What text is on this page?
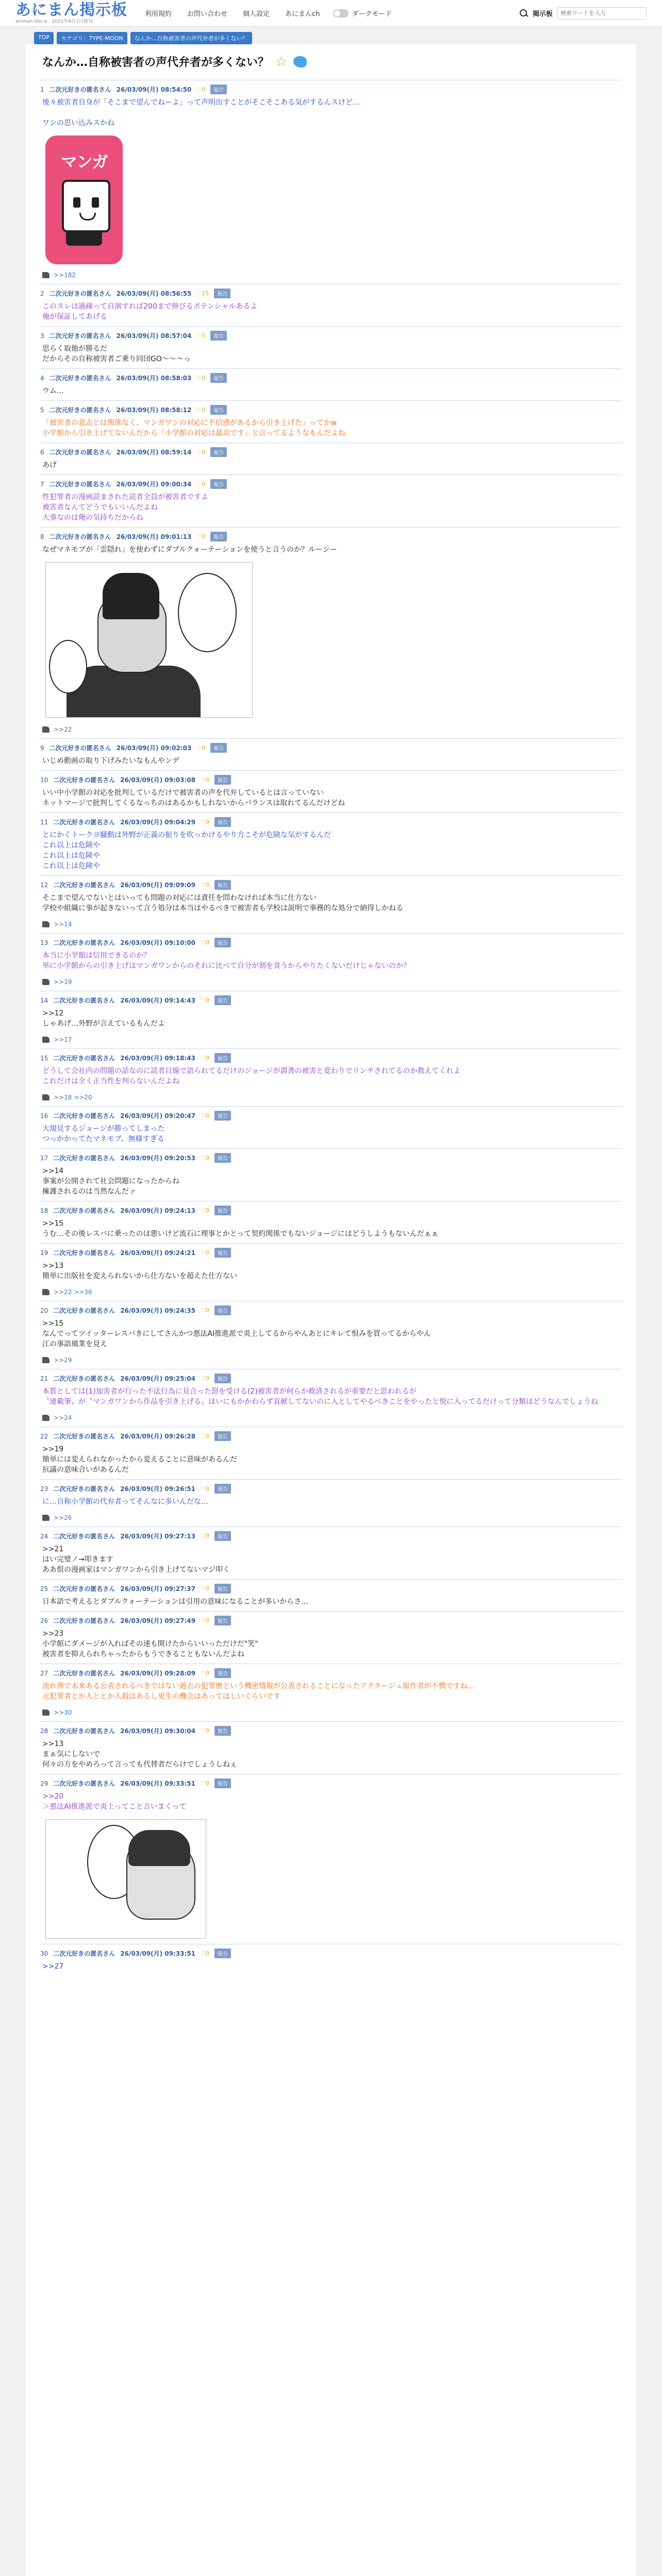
あにまん掲示板
animan bbs α - 2021年6月1日創刊
利用規約 お問い合わせ 個人設定 あにまんch	ダークモード	掲示板
検索ワードを入力
TOP	カテゴリ：TYPE-MOON	なんか…自称被害者の声代弁者が多くない？
なんか…自称被害者の声代弁者が多くない？ ☆
1 二次元好きの匿名さん 26/03/09(月) 08:54:50 ♡0	報告
後々被害者自身が「そこまで望んでねーよ」って声明出すことがそこそこある気がするんスけど…

ワシの思い込みスかね
マンガ
>>182
2 二次元好きの匿名さん 26/03/09(月) 08:56:55 ♡15	報告
このスレは過疎って自演すれば200まで伸びるポテンシャルあるよ
俺が保証してあげる
3 二次元好きの匿名さん 26/03/09(月) 08:57:04 ♡0	報告
思らく取他が勝るだ
だからその自称被害者ご乗り回団GO〜〜〜っ
4 二次元好きの匿名さん 26/03/09(月) 08:58:03 ♡0	報告
ウム…
5 二次元好きの匿名さん 26/03/09(月) 08:58:12 ♡0	報告
「被害者の意志とは関係なく、マンガワンの対応に不信感があるから引き上げた」ってかw
小学館から引き上げてないんだから「小学館の対応は最高です」と言ってるようなもんだよね
6 二次元好きの匿名さん 26/03/09(月) 08:59:14 ♡0	報告
あげ
7 二次元好きの匿名さん 26/03/09(月) 09:00:34 ♡0	報告
性犯罪者の漫画読まされた読者全員が被害者ですよ
被害者なんてどうでもいいんだよね
大事なのは俺の気持ちだからね
8 二次元好きの匿名さん 26/03/09(月) 09:01:13 ♡0	報告
なぜマネモブが「雲隠れ」を使わずにダブルクォーテーションを使うと言うのか？ルーシー
>>22
9 二次元好きの匿名さん 26/03/09(月) 09:02:03 ♡0	報告
いじめ動画の取り下げみたいなもんやンデ
10 二次元好きの匿名さん 26/03/09(月) 09:03:08 ♡0	報告
いい中小学館の対応を批判しているだけで被害者の声を代弁しているとは言っていない
ネットマージで批判してくるなっちのはあるかもしれないからバランスは取れてるんだけどね
11 二次元好きの匿名さん 26/03/09(月) 09:04:29 ♡0	報告
とにかくトークヨ騒動は外野が正義の振りを吹っかけるやり方こそが危険な気がするんだ
これ以上は危険や
これ以上は危険や
これ以上は危険や
12 二次元好きの匿名さん 26/03/09(月) 09:09:09 ♡0	報告
そこまで望んでないとはいっても問題の対応には責任を問わなければ本当に仕方ない
学校や組織に事が起きないって言う処分は本当はやるべきで被害者も学校は説明で事務的な処分で納得しかねる
>>14
13 二次元好きの匿名さん 26/03/09(月) 09:10:00 ♡0	報告
本当に小学館は信用できるのか？
単に小学館からの引き上げはマンガワンからのそれに比べて自分が割を食うからやりたくないだけじゃないのか？
>>19
14 二次元好きの匿名さん 26/03/09(月) 09:14:43 ♡0	報告
>>12
しゃあげ…外野が言えているもんだよ
>>17
15 二次元好きの匿名さん 26/03/09(月) 09:18:43 ♡0	報告
どうして会社内の問題の話なのに読者目線で語られてるだけのジョージが謂書の被害と変わりでリンチされてるのか教えてくれよ
これだけは全く正当性を判らないんだよね
>>18 >>20
16 二次元好きの匿名さん 26/03/09(月) 09:20:47 ♡0	報告
大規見するジョージが勝ってしまった
つっかかってたマネモブ、無様すぎる
17 二次元好きの匿名さん 26/03/09(月) 09:20:53 ♡0	報告
>>14
事案が公開されて社会問題になったからね
擁護されるのは当然なんだァ
18 二次元好きの匿名さん 26/03/09(月) 09:24:13 ♡0	報告
>>15
うむ…その後レスバに乗ったのは悪いけど流石に理事とかとって契約関係でもないジョージにはどうしようもないんだぁぁ
19 二次元好きの匿名さん 26/03/09(月) 09:24:21 ♡0	報告
>>13
簡単に出版社を変えられないから仕方ないを超えた仕方ない
>>22 >>36
20 二次元好きの匿名さん 26/03/09(月) 09:24:35 ♡0	報告
>>15
なんでってツイッターレスバきにしてさんかつ悪法AI推進派で炎上してるからやんあとにキレて恨みを買ってるからやん
江の事語風業を見え
>>29
21 二次元好きの匿名さん 26/03/09(月) 09:25:04 ♡0	報告
本質としては(1)加害者が行った不法行為に見合った罰を受ける(2)被害者が何らか救済されるが重要だと思われるが
〝連載筆〟が〝マンガワンから作品を引き上げる〟はいにもかかわらず貢献してないのに入としてやるべきことをやったと悦に入ってるだけって分類はどうなんでしょうね
>>24
22 二次元好きの匿名さん 26/03/09(月) 09:26:28 ♡0	報告
>>19
簡単には変えられなかったから変えることに意味があるんだ
抗議の意味合いがあるんだ
23 二次元好きの匿名さん 26/03/09(月) 09:26:51 ♡0	報告
に…自称小学館の代弁者ってそんなに多いんだな…
>>26
24 二次元好きの匿名さん 26/03/09(月) 09:27:13 ♡0	報告
>>21
はい完璧ノ→叩きます
ああ恨の漫画家はマンガワンから引き上げてないマジ叩く
25 二次元好きの匿名さん 26/03/09(月) 09:27:37 ♡0	報告
日本語で考えるとダブルクォーテーションは引用の意味になることが多いからさ…
26 二次元好きの匿名さん 26/03/09(月) 09:27:49 ♡0	報告
>>23
小学館にダメージが入ればその速も開けたからいいっただけだ"笑"
被害者を抑えられちゃったからもうできることもないんだよね
27 二次元好きの匿名さん 26/03/09(月) 09:28:09 ♡0	報告
流れ弾で未来ある公表されるべきではない過去の犯罪歴という機密情報が公表されることになったアクタージュ原作者が不憫ですね…
元犯罪者とか人ととか人殺はあるし更生の機会はあってほしいぐらいです
>>30
28 二次元好きの匿名さん 26/03/09(月) 09:30:04 ♡0	報告
>>13
まぁ気にしないで
何々の方をやめろって言っても代替者だらけでしょうしねぇ
29 二次元好きの匿名さん 26/03/09(月) 09:33:51 ♡0	報告
>>20
＞悪法AI推進派で炎上ってこと言いまくって
30 二次元好きの匿名さん 26/03/09(月) 09:33:51 ♡0	報告
>>27
